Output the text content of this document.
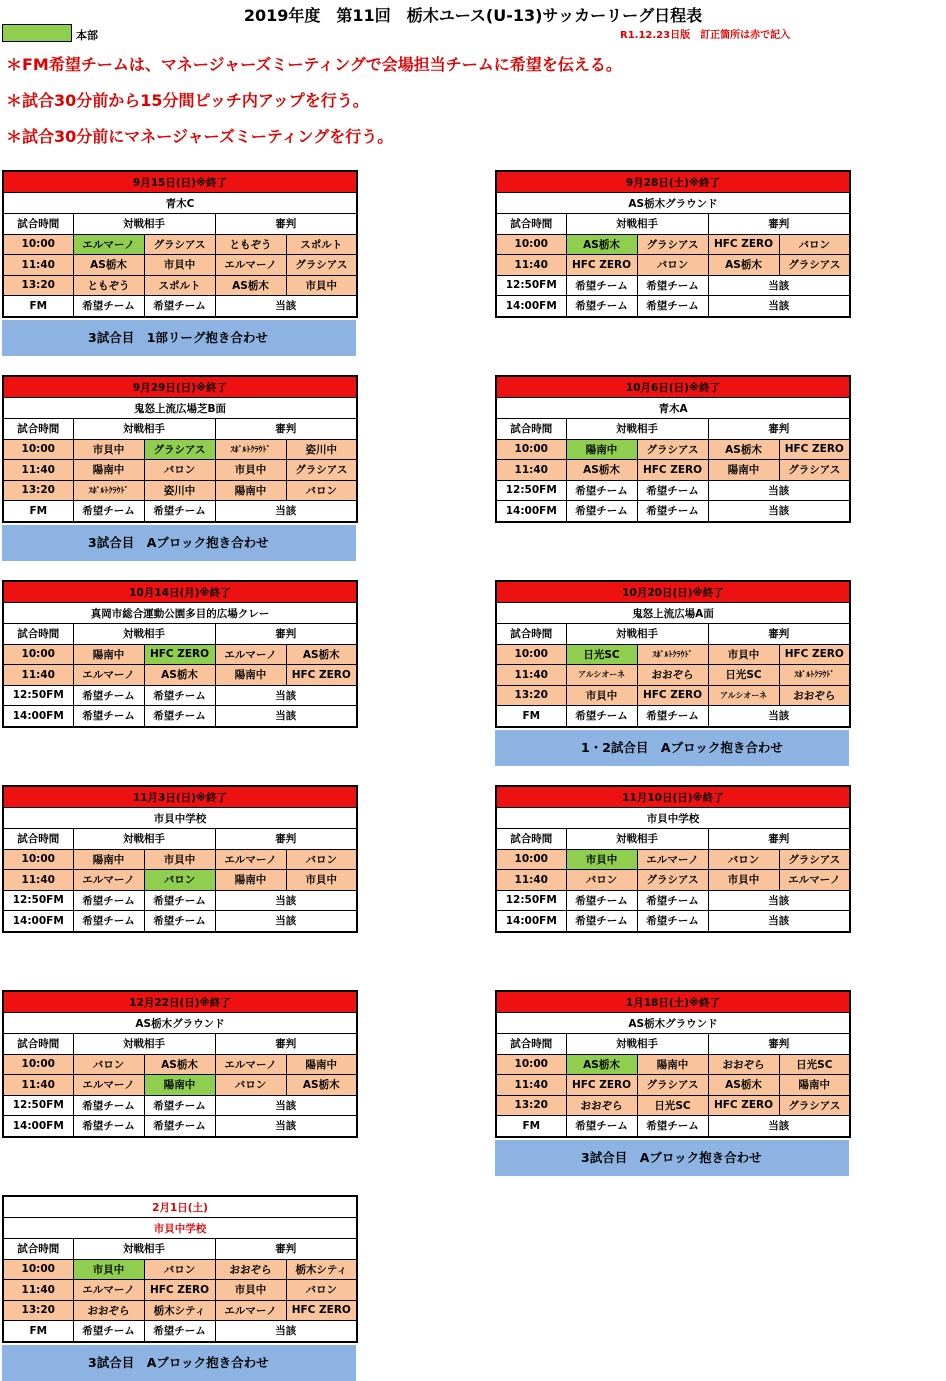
2019年度　第11回　栃木ユース(U-13)サッカーリーグ日程表
本部	R1.12.23日版　訂正箇所は赤で記入
＊FM希望チームは、マネージャーズミーティングで会場担当チームに希望を伝える。
＊試合30分前から15分間ピッチ内アップを行う。
＊試合30分前にマネージャーズミーティングを行う。
9月15日(日)※終了				
青木C				
試合時間	対戦相手		審判	
10:00	エルマーノ	グラシアス	ともぞう	スポルト
11:40	AS栃木	市貝中	エルマーノ	グラシアス
13:20	ともぞう	スポルト	AS栃木	市貝中
FM	希望チーム	希望チーム	当該	
3試合目　1部リーグ抱き合わせ
9月28日(土)※終了				
AS栃木グラウンド				
試合時間	対戦相手		審判	
10:00	AS栃木	グラシアス	HFC ZERO	バロン
11:40	HFC ZERO	バロン	AS栃木	グラシアス
12:50FM	希望チーム	希望チーム	当該	
14:00FM	希望チーム	希望チーム	当該	
9月29日(日)※終了				
鬼怒上流広場芝B面				
試合時間	対戦相手		審判	
10:00	市貝中	グラシアス	ｽﾎﾟﾙﾄｸﾗｳﾄﾞ	姿川中
11:40	陽南中	バロン	市貝中	グラシアス
13:20	ｽﾎﾟﾙﾄｸﾗｳﾄﾞ	姿川中	陽南中	バロン
FM	希望チーム	希望チーム	当該	
3試合目　Aブロック抱き合わせ
10月6日(日)※終了				
青木A				
試合時間	対戦相手		審判	
10:00	陽南中	グラシアス	AS栃木	HFC ZERO
11:40	AS栃木	HFC ZERO	陽南中	グラシアス
12:50FM	希望チーム	希望チーム	当該	
14:00FM	希望チーム	希望チーム	当該	
10月14日(月)※終了				
真岡市総合運動公園多目的広場クレー				
試合時間	対戦相手		審判	
10:00	陽南中	HFC ZERO	エルマーノ	AS栃木
11:40	エルマーノ	AS栃木	陽南中	HFC ZERO
12:50FM	希望チーム	希望チーム	当該	
14:00FM	希望チーム	希望チーム	当該	
10月20日(日)※終了				
鬼怒上流広場A面				
試合時間	対戦相手		審判	
10:00	日光SC	ｽﾎﾟﾙﾄｸﾗｳﾄﾞ	市貝中	HFC ZERO
11:40	アルシオーネ	おおぞら	日光SC	ｽﾎﾟﾙﾄｸﾗｳﾄﾞ
13:20	市貝中	HFC ZERO	アルシオーネ	おおぞら
FM	希望チーム	希望チーム	当該	
1・2試合目　Aブロック抱き合わせ
11月3日(日)※終了				
市貝中学校				
試合時間	対戦相手		審判	
10:00	陽南中	市貝中	エルマーノ	バロン
11:40	エルマーノ	バロン	陽南中	市貝中
12:50FM	希望チーム	希望チーム	当該	
14:00FM	希望チーム	希望チーム	当該	
11月10日(日)※終了				
市貝中学校				
試合時間	対戦相手		審判	
10:00	市貝中	エルマーノ	バロン	グラシアス
11:40	バロン	グラシアス	市貝中	エルマーノ
12:50FM	希望チーム	希望チーム	当該	
14:00FM	希望チーム	希望チーム	当該	
12月22日(日)※終了				
AS栃木グラウンド				
試合時間	対戦相手		審判	
10:00	バロン	AS栃木	エルマーノ	陽南中
11:40	エルマーノ	陽南中	バロン	AS栃木
12:50FM	希望チーム	希望チーム	当該	
14:00FM	希望チーム	希望チーム	当該	
1月18日(土)※終了				
AS栃木グラウンド				
試合時間	対戦相手		審判	
10:00	AS栃木	陽南中	おおぞら	日光SC
11:40	HFC ZERO	グラシアス	AS栃木	陽南中
13:20	おおぞら	日光SC	HFC ZERO	グラシアス
FM	希望チーム	希望チーム	当該	
3試合目　Aブロック抱き合わせ
2月1日(土)				
市貝中学校				
試合時間	対戦相手		審判	
10:00	市貝中	バロン	おおぞら	栃木シティ
11:40	エルマーノ	HFC ZERO	市貝中	バロン
13:20	おおぞら	栃木シティ	エルマーノ	HFC ZERO
FM	希望チーム	希望チーム	当該	
3試合目　Aブロック抱き合わせ
